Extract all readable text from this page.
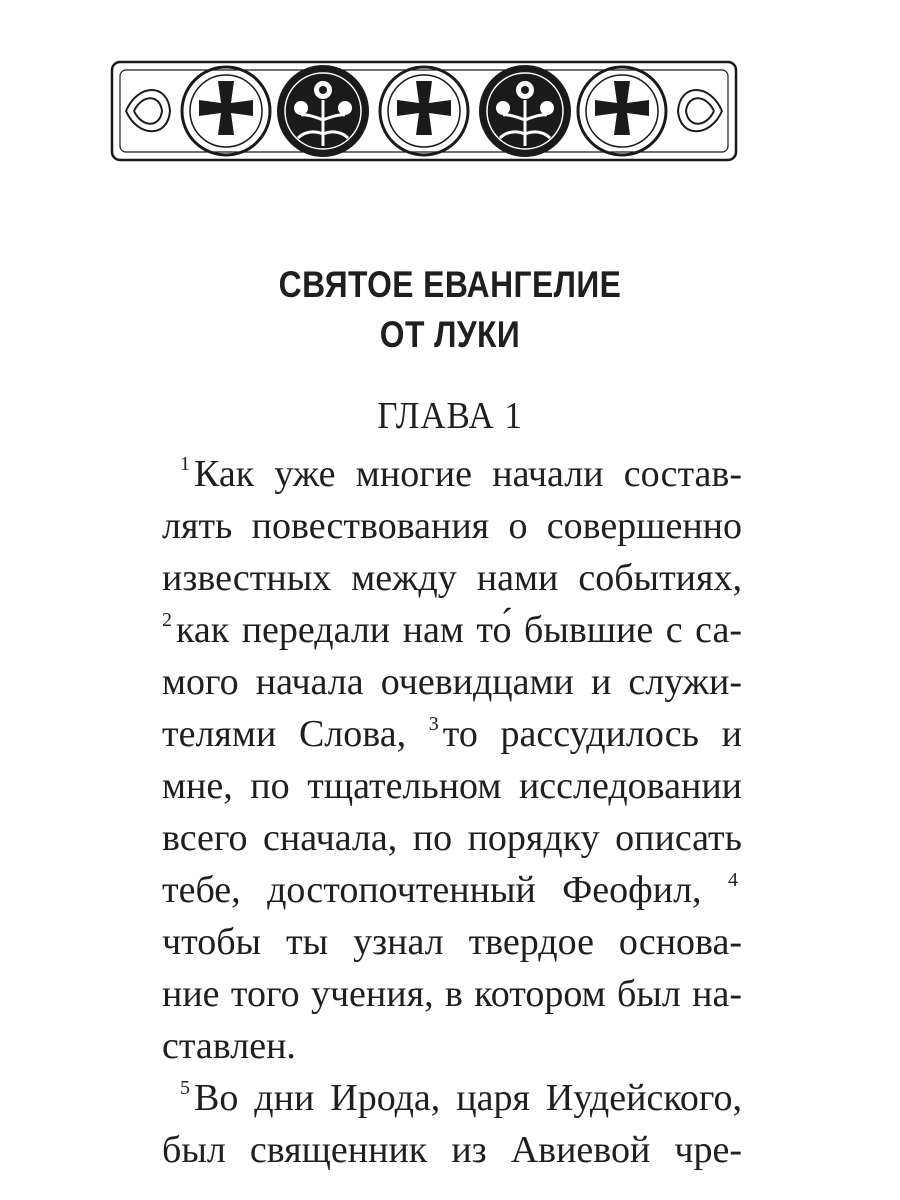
СВЯТОЕ ЕВАНГЕЛИЕ
ОТ ЛУКИ
ГЛАВА 1
$^1$ Как уже многие начали состав-
лять повествования о совершенно
известных между нами событиях,
$^2$ как передали нам то́ бывшие с са-
мого начала очевидцами и служи-
телями Слова, $^3$ то рассудилось и
мне, по тщательном исследовании
всего сначала, по порядку описать
тебе, достопочтенный Феофил, $^4$
чтобы ты узнал твердое основа-
ние того учения, в котором был на-
ставлен.
$^5$ Во дни Ирода, царя Иудейского,
был священник из Авиевой чре-
